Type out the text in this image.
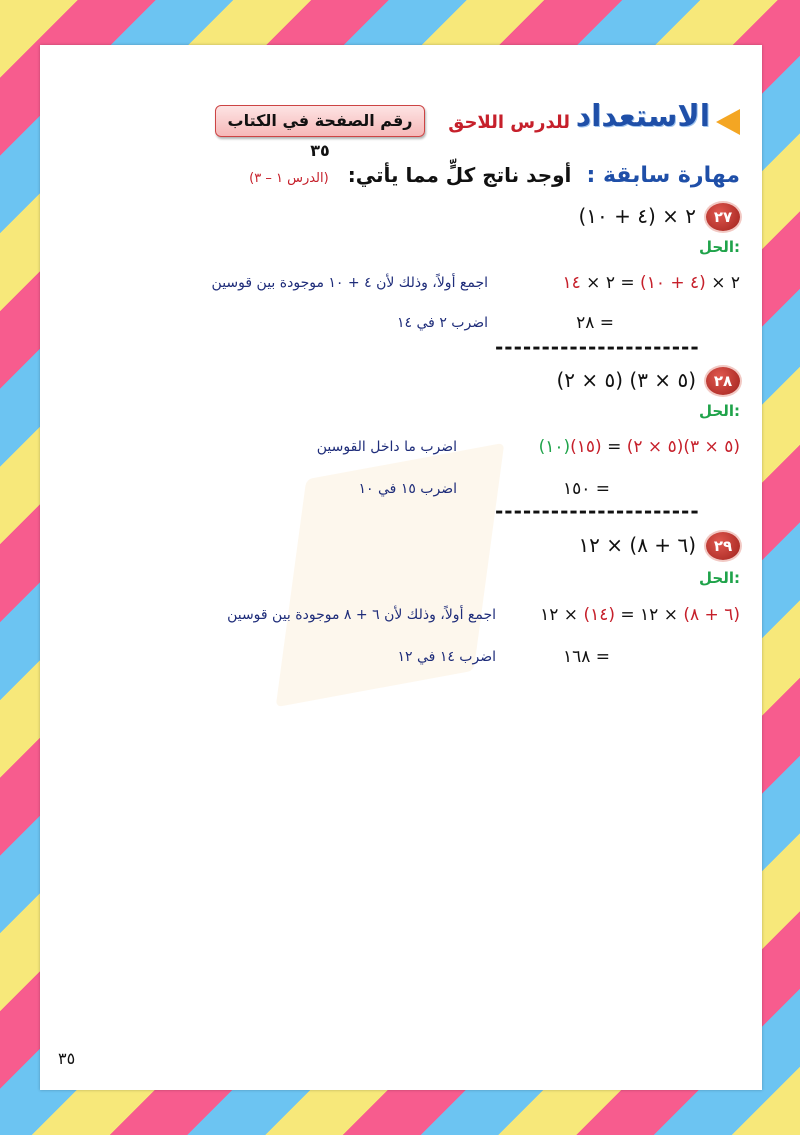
الاستعداد
للدرس اللاحق
رقم الصفحة في الكتاب ٣٥
مهارة سابقة : أوجد ناتج كلٍّ مما يأتي: (الدرس ١ – ٣)
٢٧
٢ × (٤ + ١٠)
الحل:
٢ × (٤ + ١٠) = ٢ × ١٤
اجمع أولاً، وذلك لأن ٤ + ١٠ موجودة بين قوسين
= ٢٨
اضرب ٢ في ١٤
----------------------
٢٨
(٥ × ٣) (٥ × ٢)
الحل:
(٥ × ٣)(٥ × ٢) = (١٥)(١٠)
اضرب ما داخل القوسين
= ١٥٠
اضرب ١٥ في ١٠
----------------------
٢٩
(٦ + ٨) × ١٢
الحل:
(٦ + ٨) × ١٢ = (١٤) × ١٢
اجمع أولاً، وذلك لأن ٦ + ٨ موجودة بين قوسين
= ١٦٨
اضرب ١٤ في ١٢
٣٥
